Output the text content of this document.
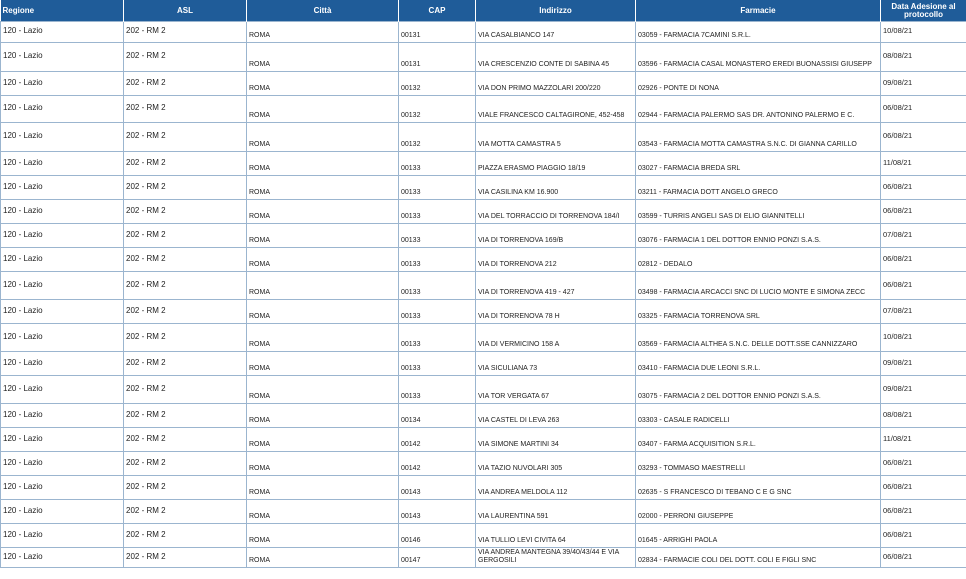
Regione	ASL	Città	CAP	Indirizzo	Farmacie	Data Adesione al protocollo

120 - Lazio	202 - RM 2	ROMA	00131	VIA CASALBIANCO 147	03059 - FARMACIA 7CAMINI S.R.L.	10/08/21

120 - Lazio	202 - RM 2	ROMA	00131	VIA CRESCENZIO CONTE DI SABINA 45	03596 - FARMACIA CASAL MONASTERO EREDI BUONASSISI GIUSEPP	08/08/21

120 - Lazio	202 - RM 2	ROMA	00132	VIA DON PRIMO MAZZOLARI 200/220	02926 - PONTE DI NONA	09/08/21

120 - Lazio	202 - RM 2	ROMA	00132	VIALE FRANCESCO CALTAGIRONE, 452-458	02944 - FARMACIA PALERMO SAS DR. ANTONINO PALERMO E C.	06/08/21

120 - Lazio	202 - RM 2	ROMA	00132	VIA MOTTA CAMASTRA 5	03543 - FARMACIA MOTTA CAMASTRA S.N.C. DI GIANNA CARILLO	06/08/21

120 - Lazio	202 - RM 2	ROMA	00133	PIAZZA ERASMO PIAGGIO 18/19	03027 - FARMACIA BREDA SRL	11/08/21

120 - Lazio	202 - RM 2	ROMA	00133	VIA CASILINA KM 16.900	03211 - FARMACIA DOTT ANGELO GRECO	06/08/21

120 - Lazio	202 - RM 2	ROMA	00133	VIA DEL TORRACCIO DI TORRENOVA 184/I	03599 - TURRIS ANGELI SAS DI ELIO GIANNITELLI	06/08/21

120 - Lazio	202 - RM 2	ROMA	00133	VIA DI TORRENOVA 169/B	03076 - FARMACIA 1 DEL DOTTOR ENNIO PONZI S.A.S.	07/08/21

120 - Lazio	202 - RM 2	ROMA	00133	VIA DI TORRENOVA 212	02812 - DEDALO	06/08/21

120 - Lazio	202 - RM 2	ROMA	00133	VIA DI TORRENOVA 419 - 427	03498 - FARMACIA ARCACCI SNC DI LUCIO MONTE E SIMONA ZECC	06/08/21

120 - Lazio	202 - RM 2	ROMA	00133	VIA DI TORRENOVA 78 H	03325 - FARMACIA TORRENOVA SRL	07/08/21

120 - Lazio	202 - RM 2	ROMA	00133	VIA DI VERMICINO 158 A	03569 - FARMACIA ALTHEA S.N.C. DELLE DOTT.SSE CANNIZZARO	10/08/21

120 - Lazio	202 - RM 2	ROMA	00133	VIA SICULIANA 73	03410 - FARMACIA DUE LEONI S.R.L.	09/08/21

120 - Lazio	202 - RM 2	ROMA	00133	VIA TOR VERGATA 67	03075 - FARMACIA 2 DEL DOTTOR ENNIO PONZI S.A.S.	09/08/21

120 - Lazio	202 - RM 2	ROMA	00134	VIA CASTEL DI LEVA 263	03303 - CASALE RADICELLI	08/08/21

120 - Lazio	202 - RM 2	ROMA	00142	VIA SIMONE MARTINI 34	03407 - FARMA ACQUISITION S.R.L.	11/08/21

120 - Lazio	202 - RM 2	ROMA	00142	VIA TAZIO NUVOLARI 305	03293 - TOMMASO MAESTRELLI	06/08/21

120 - Lazio	202 - RM 2	ROMA	00143	VIA ANDREA MELDOLA 112	02635 - S FRANCESCO DI TEBANO C E G SNC	06/08/21

120 - Lazio	202 - RM 2	ROMA	00143	VIA LAURENTINA 591	02000 - PERRONI GIUSEPPE	06/08/21

120 - Lazio	202 - RM 2	ROMA	00146	VIA TULLIO LEVI CIVITA 64	01645 - ARRIGHI PAOLA	06/08/21

120 - Lazio	202 - RM 2	ROMA	00147	VIA ANDREA MANTEGNA 39/40/43/44 E VIA GERGOSILI	02834 - FARMACIE COLI DEL DOTT. COLI E FIGLI SNC	06/08/21
